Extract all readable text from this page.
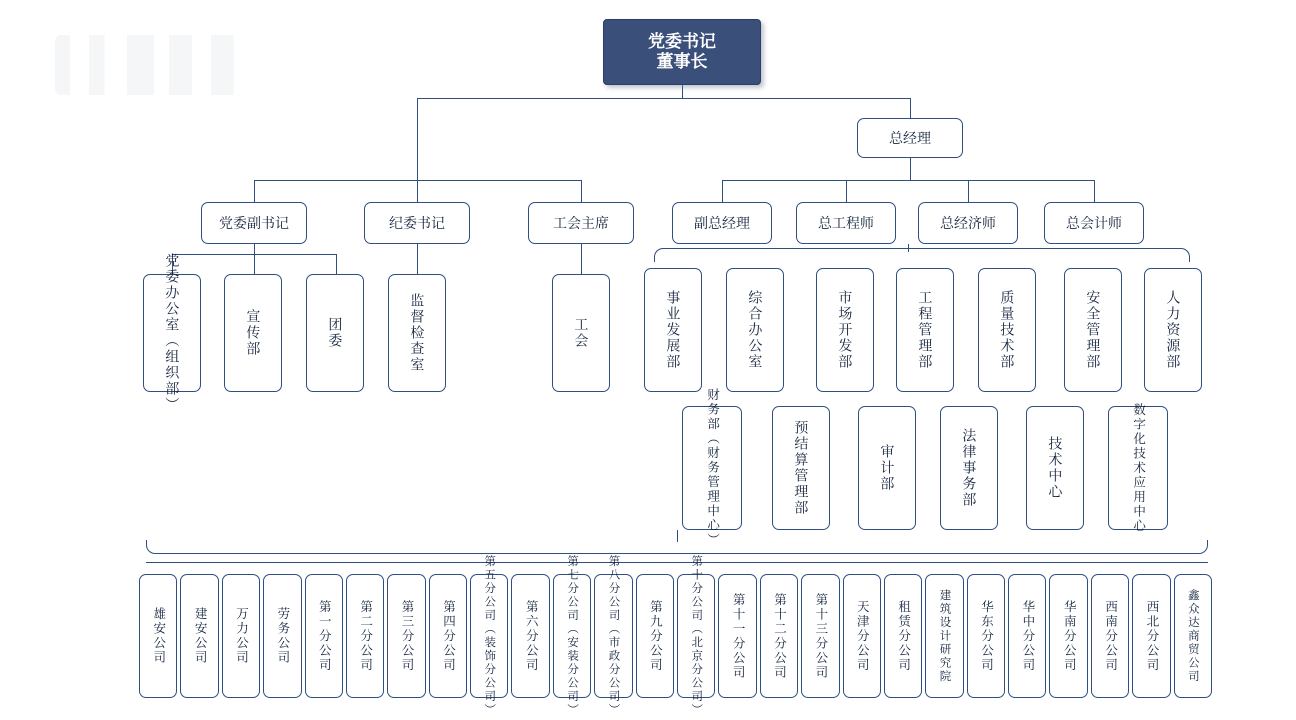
党委书记
董事长
总经理
党委副书记	纪委书记	工会主席	副总经理	总工程师	总经济师	总会计师
党委办公室（组织部）	宣传部	团委	监督检查室	工会	事业发展部	综合办公室	市场开发部	工程管理部	质量技术部	安全管理部	人力资源部
财务部（财务管理中心）	预结算管理部	审计部	法律事务部	技术中心	数字化技术应用中心
雄安公司 建安公司 万力公司 劳务公司 第一分公司 第二分公司 第三分公司 第四分公司 第五分公司（装饰分公司） 第六分公司 第七分公司（安装分公司）	第八分公司（市政分公司） 第九分公司 第十分公司（北京分公司） 第十一分公司 第十二分公司 第十三分公司 天津分公司 租赁分公司 建筑设计研究院 华东分公司 华中分公司 华南分公司 西南分公司 西北分公司 鑫众达商贸公司
